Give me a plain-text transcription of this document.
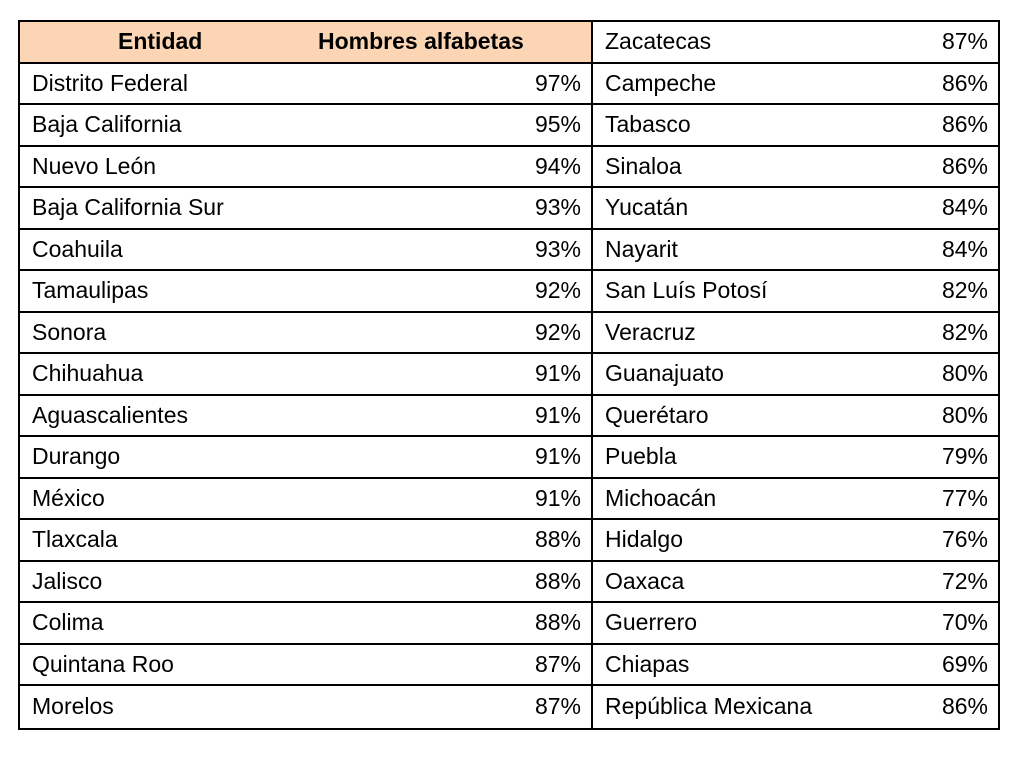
Entidad	Hombres alfabetas
Distrito Federal	97%
Baja California	95%
Nuevo León	94%
Baja California Sur	93%
Coahuila	93%
Tamaulipas	92%
Sonora	92%
Chihuahua	91%
Aguascalientes	91%
Durango	91%
México	91%
Tlaxcala	88%
Jalisco	88%
Colima	88%
Quintana Roo	87%
Morelos	87%
Zacatecas	87%
Campeche	86%
Tabasco	86%
Sinaloa	86%
Yucatán	84%
Nayarit	84%
San Luís Potosí	82%
Veracruz	82%
Guanajuato	80%
Querétaro	80%
Puebla	79%
Michoacán	77%
Hidalgo	76%
Oaxaca	72%
Guerrero	70%
Chiapas	69%
República Mexicana	86%
